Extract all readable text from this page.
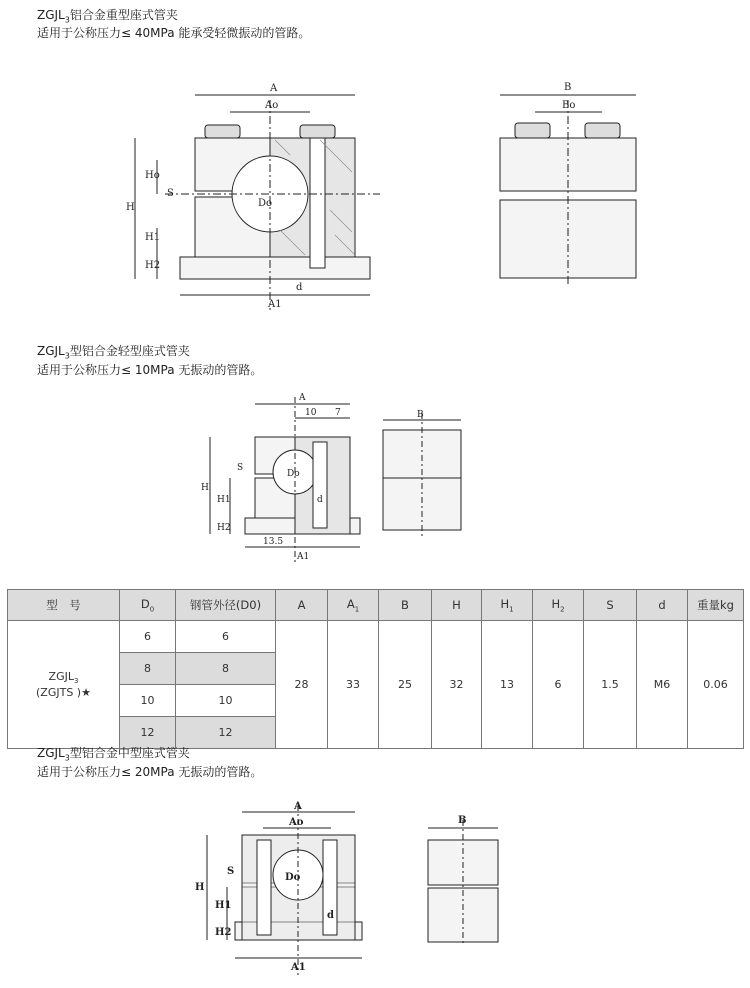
$ZGJL_3$铝合金重型座式管夹
适用于公称压力≤ 40MPa 能承受轻微振动的管路。
A
Ao
H
Ho
S
Do
H1
H2
d
A1
B
Bo
$ZGJL_3$型铝合金轻型座式管夹
适用于公称压力≤ 10MPa 无振动的管路。
A
10 7
H
S
Do
H1
H2
d
13.5
A1
B
型　号	$D_0$	钢管外径(D0)	A	$A_1$	B	H	$H_1$	$H_2$	S	d	重量kg

$ZGJL_3$
(ZGJTS )★	6	6	28	33	25	32	13	6	1.5	M6	0.06
	8	8									
	10	10									
	12	12									
$ZGJL_3$型铝合金中型座式管夹
适用于公称压力≤ 20MPa 无振动的管路。
A
Ao
H
S
Do
H1
H2
d
A1
B
